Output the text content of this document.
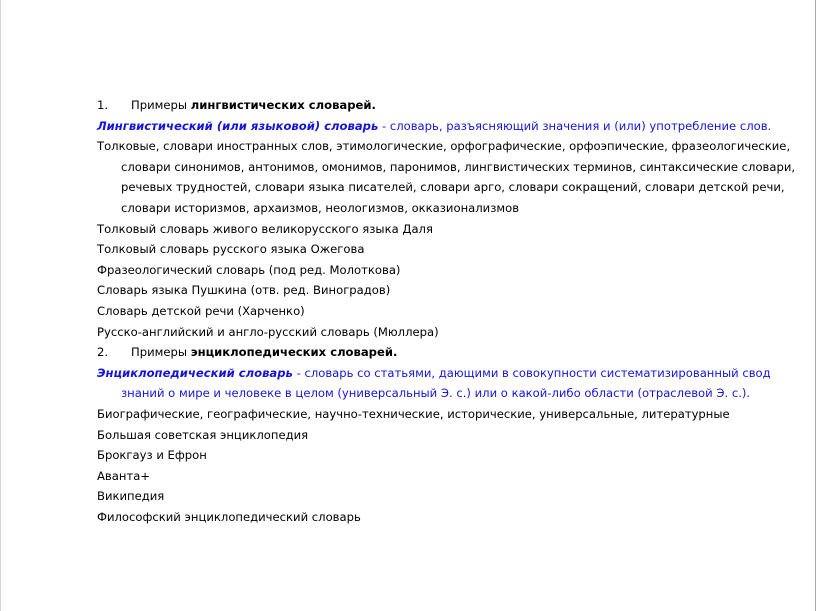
1. Примеры лингвистических словарей.
Лингвистический (или языковой) словарь - словарь, разъясняющий значения и (или) употребление слов.
Толковые, словари иностранных слов, этимологические, орфографические, орфоэпические, фразеологические, словари синонимов, антонимов, омонимов, паронимов, лингвистических терминов, синтаксические словари, речевых трудностей, словари языка писателей, словари арго, словари сокращений, словари детской речи, словари историзмов, архаизмов, неологизмов, окказионализмов
Толковый словарь живого великорусского языка Даля
Толковый словарь русского языка Ожегова
Фразеологический словарь (под ред. Молоткова)
Словарь языка Пушкина (отв. ред. Виноградов)
Словарь детской речи (Харченко)
Русско-английский и англо-русский словарь (Мюллера)
2. Примеры энциклопедических словарей.
Энциклопедический словарь - словарь со статьями, дающими в совокупности систематизированный свод знаний о мире и человеке в целом (универсальный Э. с.) или о какой-либо области (отраслевой Э. с.).
Биографические, географические, научно-технические, исторические, универсальные, литературные
Большая советская энциклопедия
Брокгауз и Ефрон
Аванта+
Википедия
Философский энциклопедический словарь
